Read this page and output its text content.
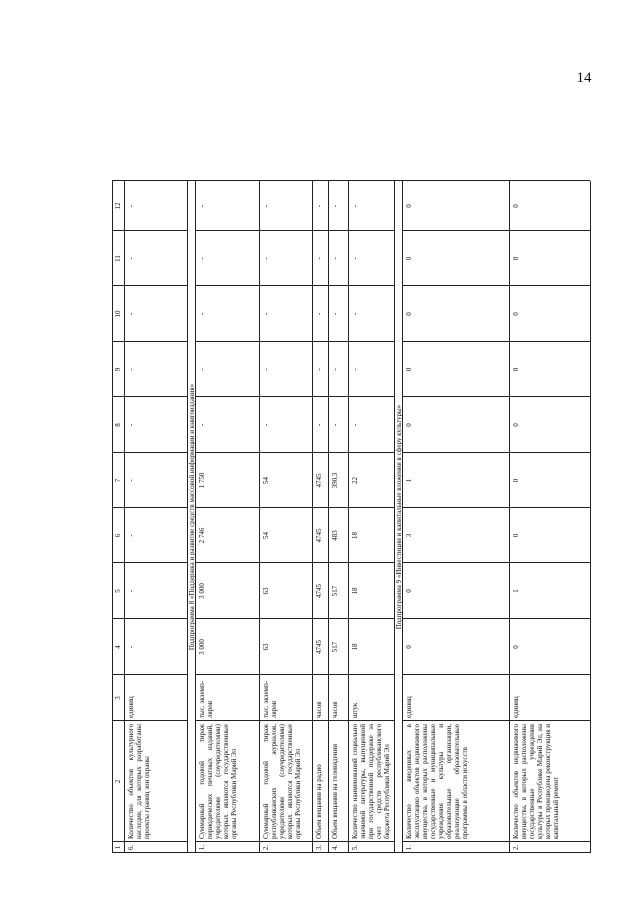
14
1
2
3
4
5
6
7
8
9
10
11
12
6.
Количество объектов культурного наследия, для которых разработаны проекты границ зон охраны
единиц
-
-
-
-
-
-
-
-
-
Подпрограмма 8 «Поддержка и развитие средств массовой информации и книгоиздания»
1.
Суммарный годовой тираж периодических печатных изданий, учредителями (соучредителями) которых являются государственные органы Республики Марий Эл
тыс. экземп-ляров
3 000
3 000
2 746
1 750
-
-
-
-
-
2.
Суммарный годовой тираж республиканских журналов, учредителями (соучредителями) которых являются государственные органы Республики Марий Эл
тыс. экземп-ляров
63
63
54
54
-
-
-
-
-
3.
Объем вещания на радио
часов
4745
4745
4745
4745
-
-
-
-
-
4.
Объем вещания на телевидении
часов
517
517
483
390,3
-
-
-
-
-
5.
Количество наименований социально значимой литературы, выпущенной при государственной поддержке за счет средств республиканского бюджета Республики Марий Эл
штук
18
18
18
22
-
-
-
-
-
Подпрограмма 9 «Инвестиции и капитальные вложения в сферу культуры»
1.
Количество введенных в эксплуатацию объектов недвижимого имущества, в которых расположены государственные и муниципальные учреждения культуры и образовательные организации, реализующие образовательные программы в области искусств
единиц
0
0
3
1
0
0
0
0
0
2.
Количество объектов недвижимого имущества, в которых расположены государственные учреждения культуры в Республике Марий Эл, на которых произведена реконструкция и капитальный ремонт
единиц
0
1
0
0
0
0
0
0
0
